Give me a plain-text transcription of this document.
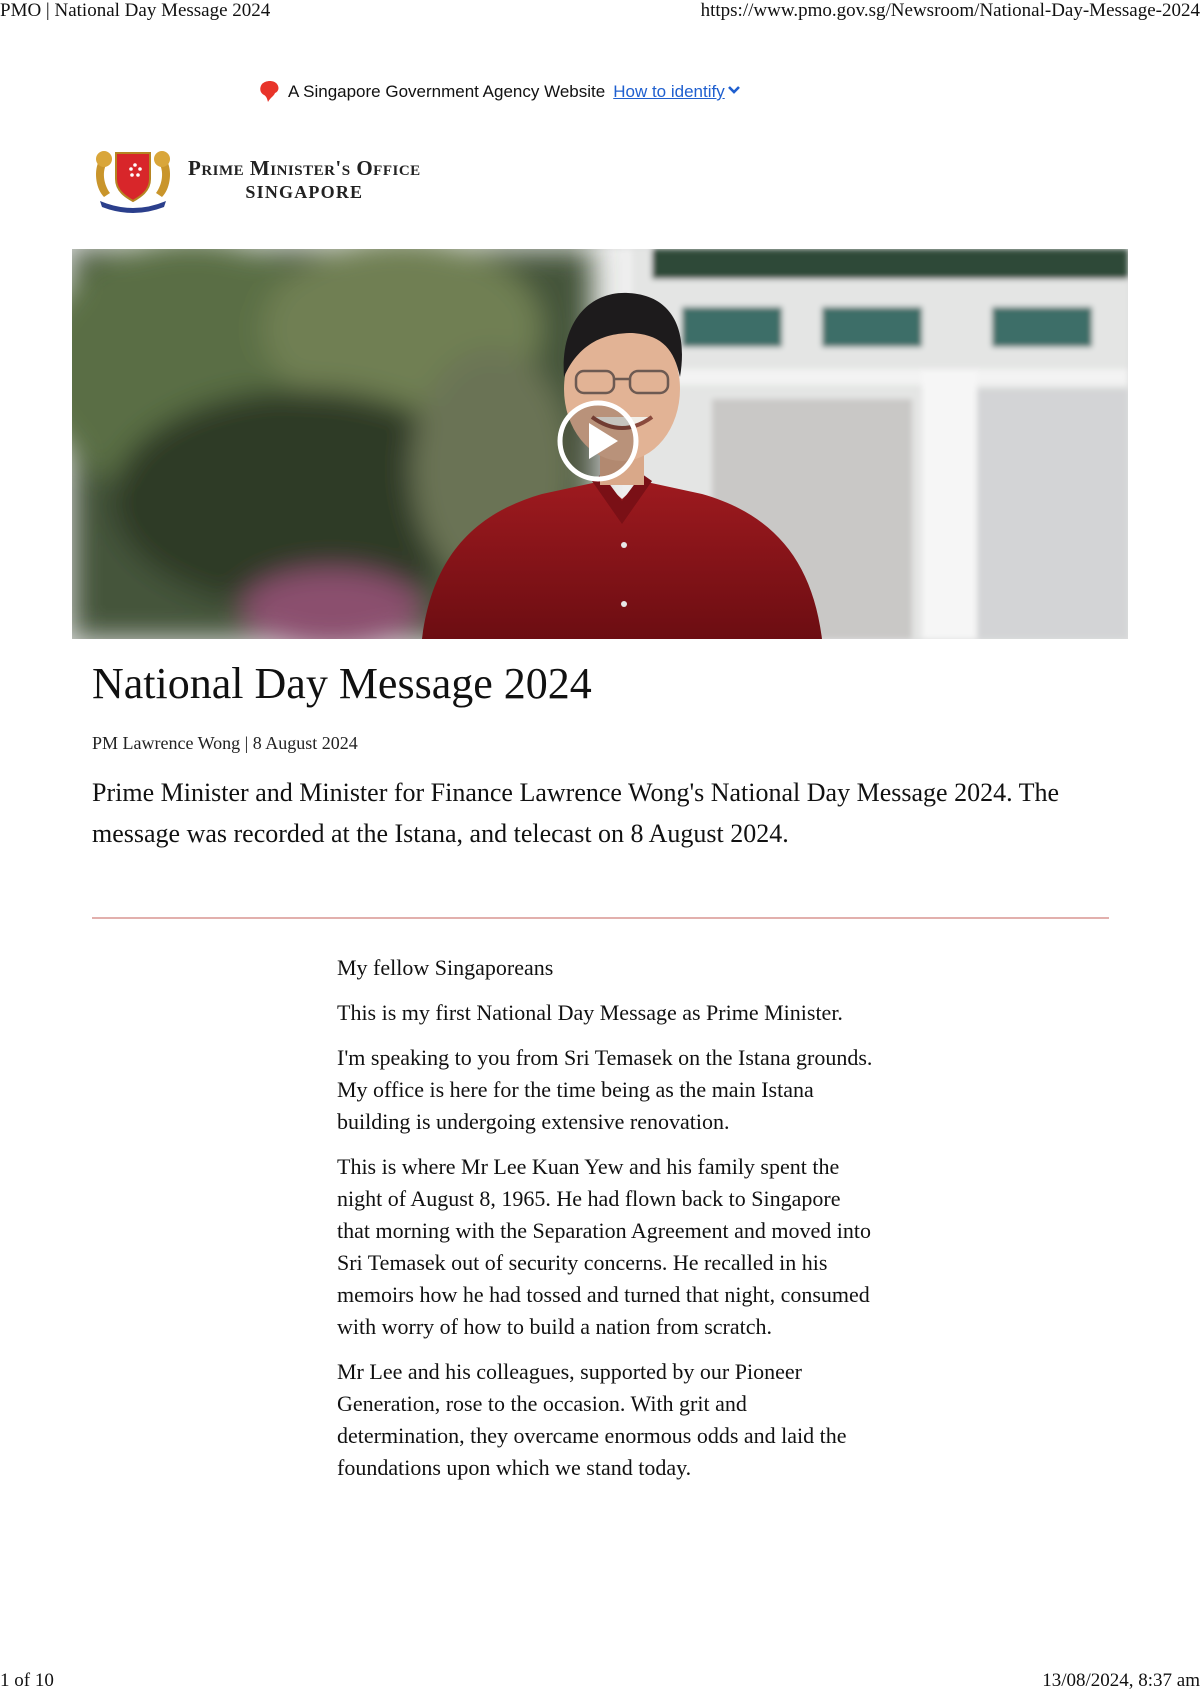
PMO | National Day Message 2024	https://www.pmo.gov.sg/Newsroom/National-Day-Message-2024
A Singapore Government Agency Website How to identify
Prime Minister's Office
SINGAPORE
National Day Message 2024
PM Lawrence Wong | 8 August 2024

Prime Minister and Minister for Finance Lawrence Wong's National Day Message 2024. The message was recorded at the Istana, and telecast on 8 August 2024.

My fellow Singaporeans

This is my first National Day Message as Prime Minister.

I'm speaking to you from Sri Temasek on the Istana grounds. My office is here for the time being as the main Istana building is undergoing extensive renovation.

This is where Mr Lee Kuan Yew and his family spent the night of August 8, 1965. He had flown back to Singapore that morning with the Separation Agreement and moved into Sri Temasek out of security concerns. He recalled in his memoirs how he had tossed and turned that night, consumed with worry of how to build a nation from scratch.

Mr Lee and his colleagues, supported by our Pioneer Generation, rose to the occasion. With grit and determination, they overcame enormous odds and laid the foundations upon which we stand today.

1 of 10	13/08/2024, 8:37 am
